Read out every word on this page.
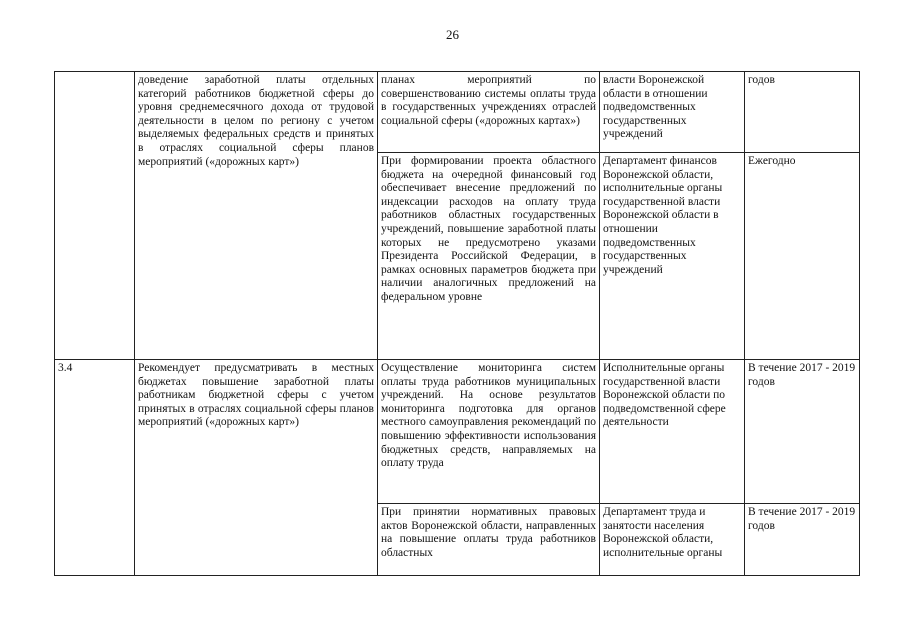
26
	доведение заработной платы отдельных категорий работников бюджетной сферы до уровня среднемесячного дохода от трудовой деятельности в целом по региону с учетом выделяемых федеральных средств и принятых в отраслях социальной сферы планов мероприятий («дорожных карт»)	планах мероприятий по совершенствованию системы оплаты труда в государственных учреждениях отраслей социальной сферы («дорожных картах»)	власти Воронежской области в отношении подведомственных государственных учреждений	годов
		При формировании проекта областного бюджета на очередной финансовый год обеспечивает внесение предложений по индексации расходов на оплату труда работников областных государственных учреждений, повышение заработной платы которых не предусмотрено указами Президента Российской Федерации, в рамках основных параметров бюджета при наличии аналогичных предложений на федеральном уровне	Департамент финансов Воронежской области, исполнительные органы государственной власти Воронежской области в отношении подведомственных государственных учреждений	Ежегодно
3.4	Рекомендует предусматривать в местных бюджетах повышение заработной платы работникам бюджетной сферы с учетом принятых в отраслях социальной сферы планов мероприятий («дорожных карт»)	Осуществление мониторинга систем оплаты труда работников муниципальных учреждений. На основе результатов мониторинга подготовка для органов местного самоуправления рекомендаций по повышению эффективности использования бюджетных средств, направляемых на оплату труда	Исполнительные органы государственной власти Воронежской области по подведомственной сфере деятельности	В течение 2017 - 2019 годов
		При принятии нормативных правовых актов Воронежской области, направленных на повышение оплаты труда работников областных	Департамент труда и занятости населения Воронежской области, исполнительные органы	В течение 2017 - 2019 годов
